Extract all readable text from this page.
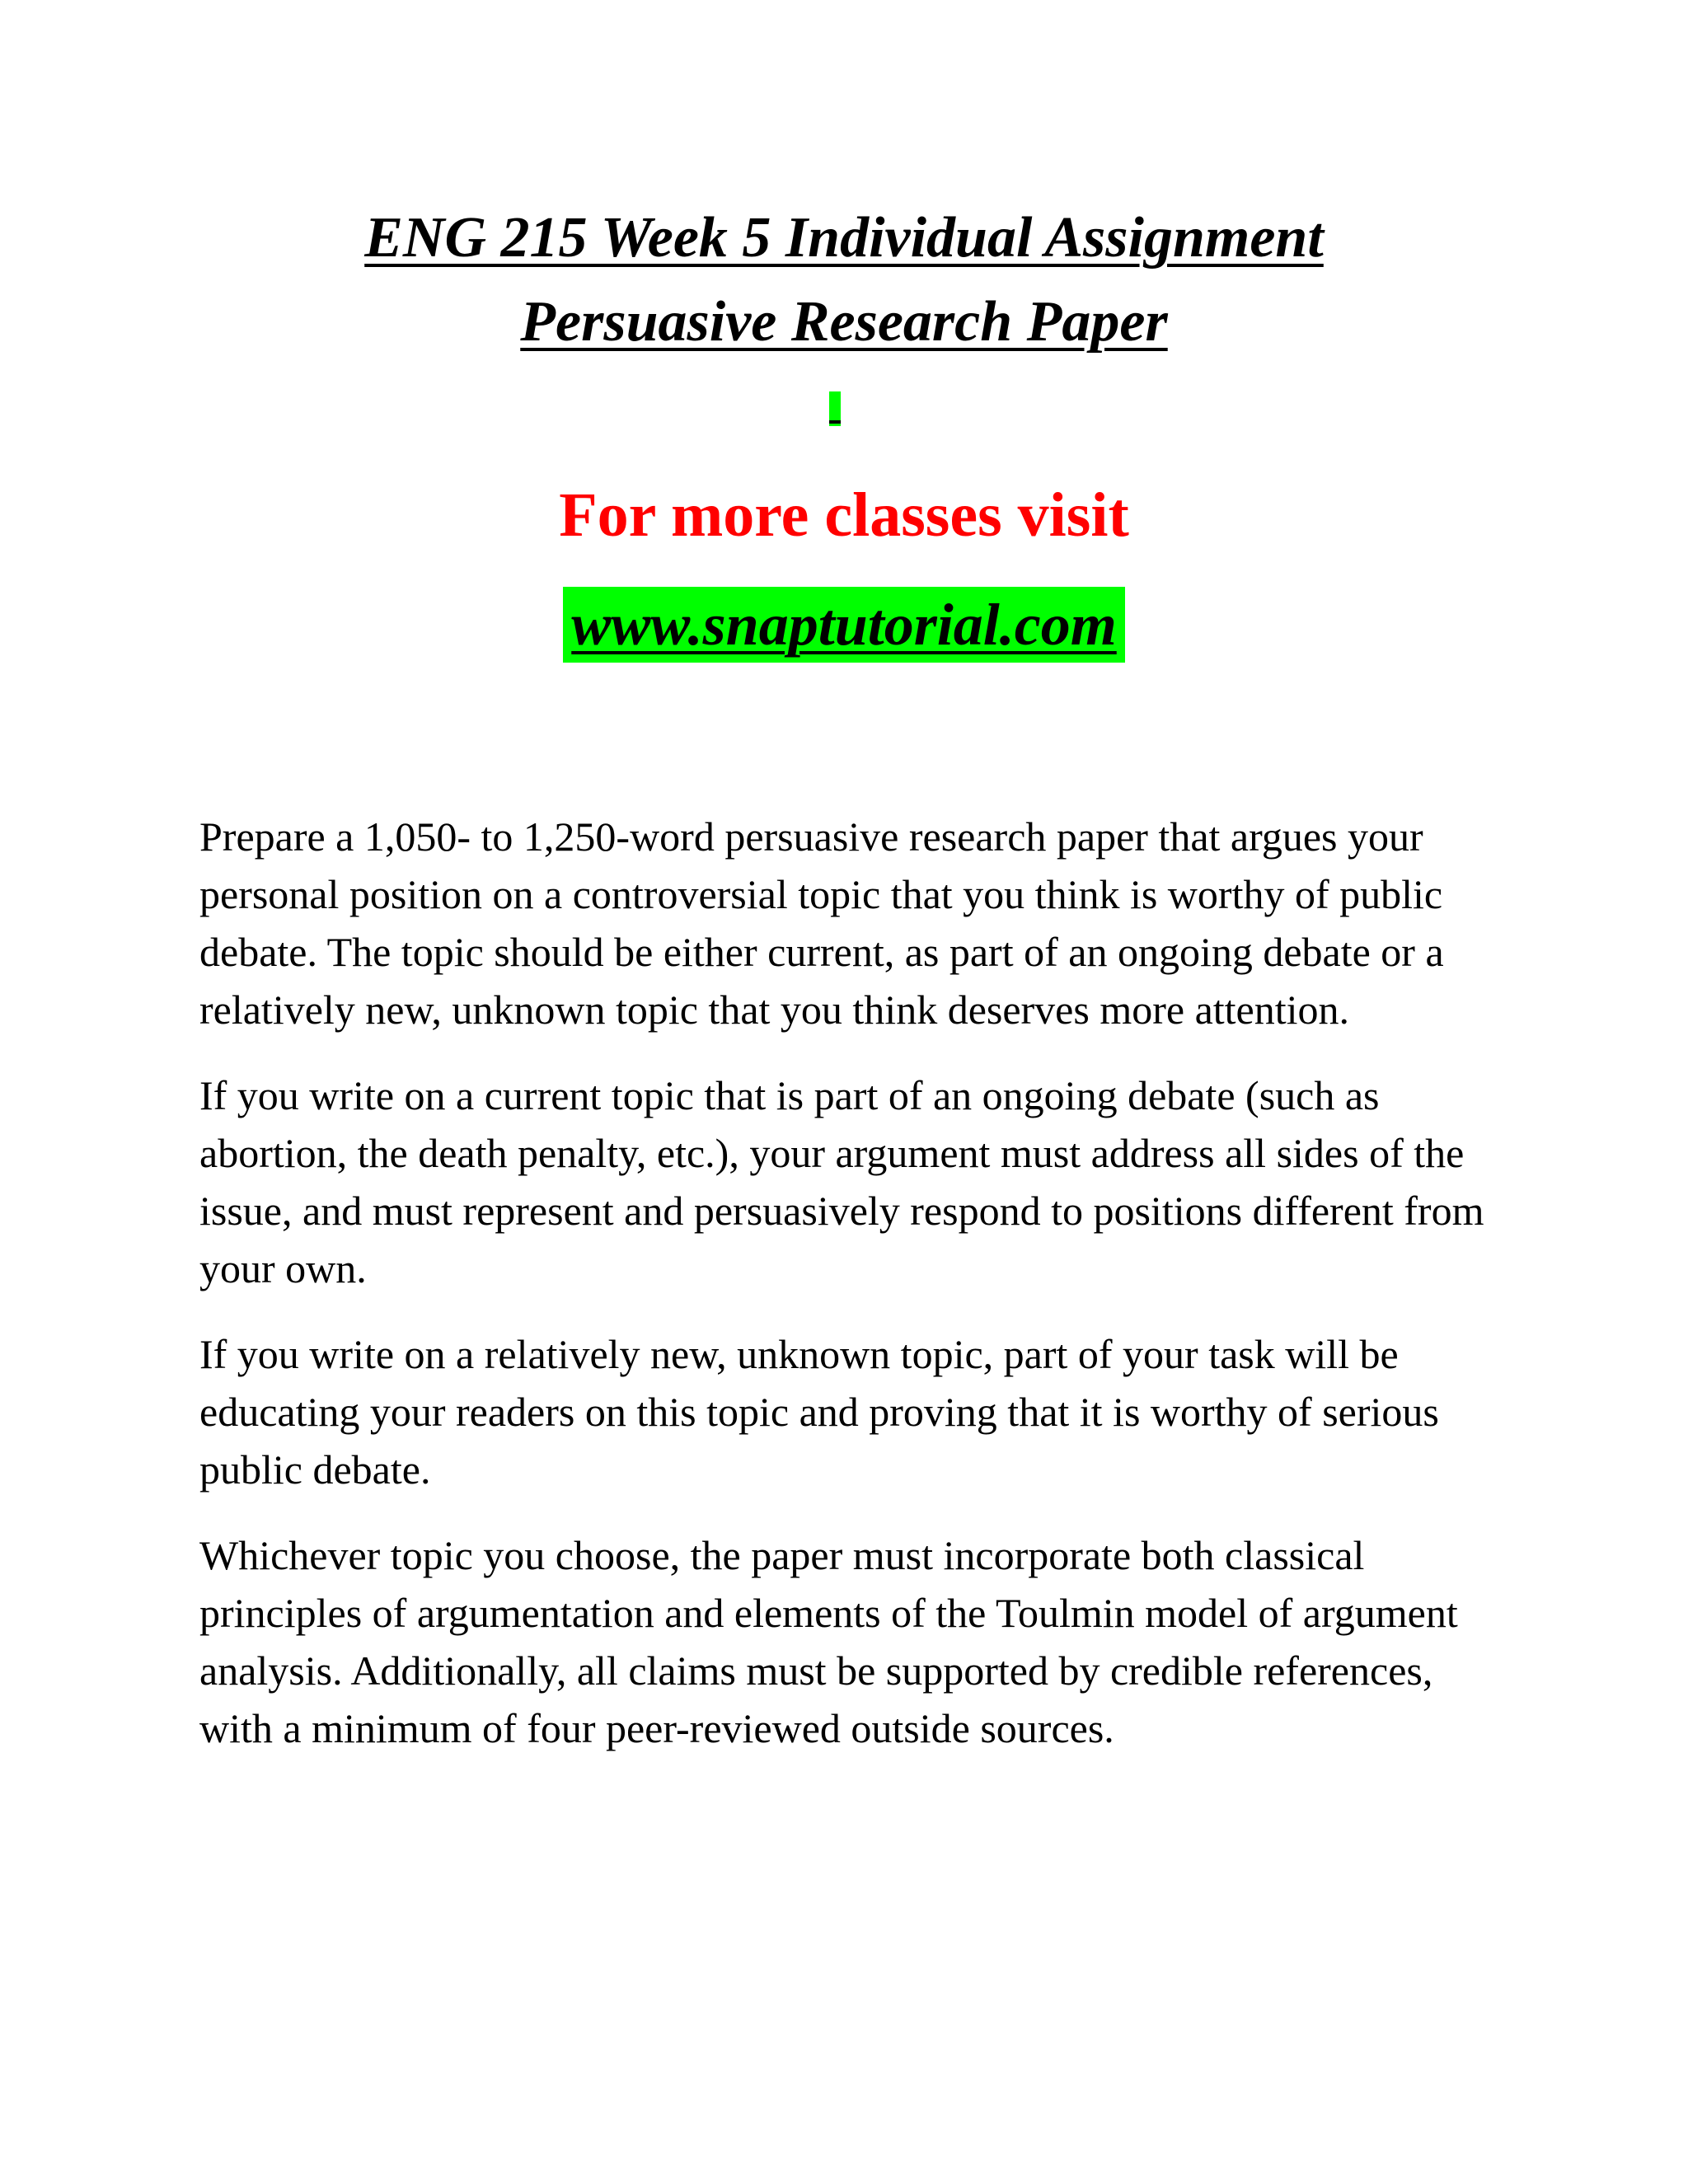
ENG 215 Week 5 Individual Assignment
Persuasive Research Paper
For more classes visit
www.snaptutorial.com

Prepare a 1,050- to 1,250-word persuasive research paper that argues your personal position on a controversial topic that you think is worthy of public debate. The topic should be either current, as part of an ongoing debate or a relatively new, unknown topic that you think deserves more attention.

If you write on a current topic that is part of an ongoing debate (such as abortion, the death penalty, etc.), your argument must address all sides of the issue, and must represent and persuasively respond to positions different from your own.

If you write on a relatively new, unknown topic, part of your task will be educating your readers on this topic and proving that it is worthy of serious public debate.

Whichever topic you choose, the paper must incorporate both classical principles of argumentation and elements of the Toulmin model of argument analysis. Additionally, all claims must be supported by credible references, with a minimum of four peer-reviewed outside sources.
